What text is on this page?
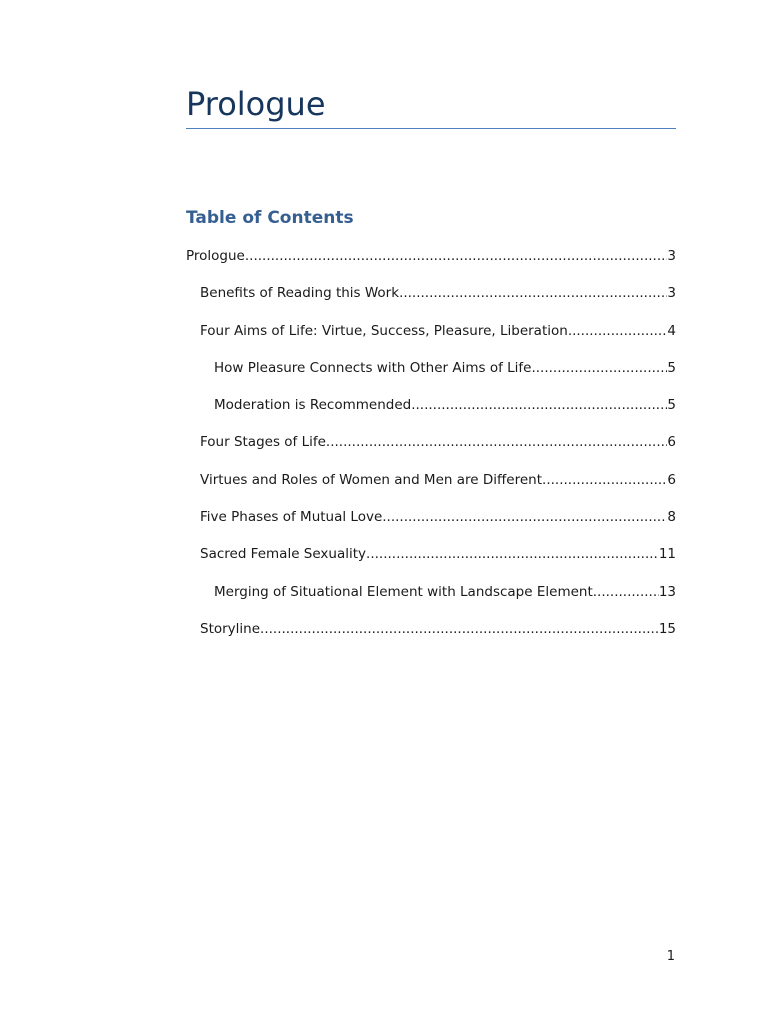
Prologue
Table of Contents
Prologue .....	3
Benefits of Reading this Work .....	3
Four Aims of Life: Virtue, Success, Pleasure, Liberation .....	4
How Pleasure Connects with Other Aims of Life .....	5
Moderation is Recommended .....	5
Four Stages of Life .....	6
Virtues and Roles of Women and Men are Different .....	6
Five Phases of Mutual Love .....	8
Sacred Female Sexuality .....	11
Merging of Situational Element with Landscape Element .....	13
Storyline .....	15
1
